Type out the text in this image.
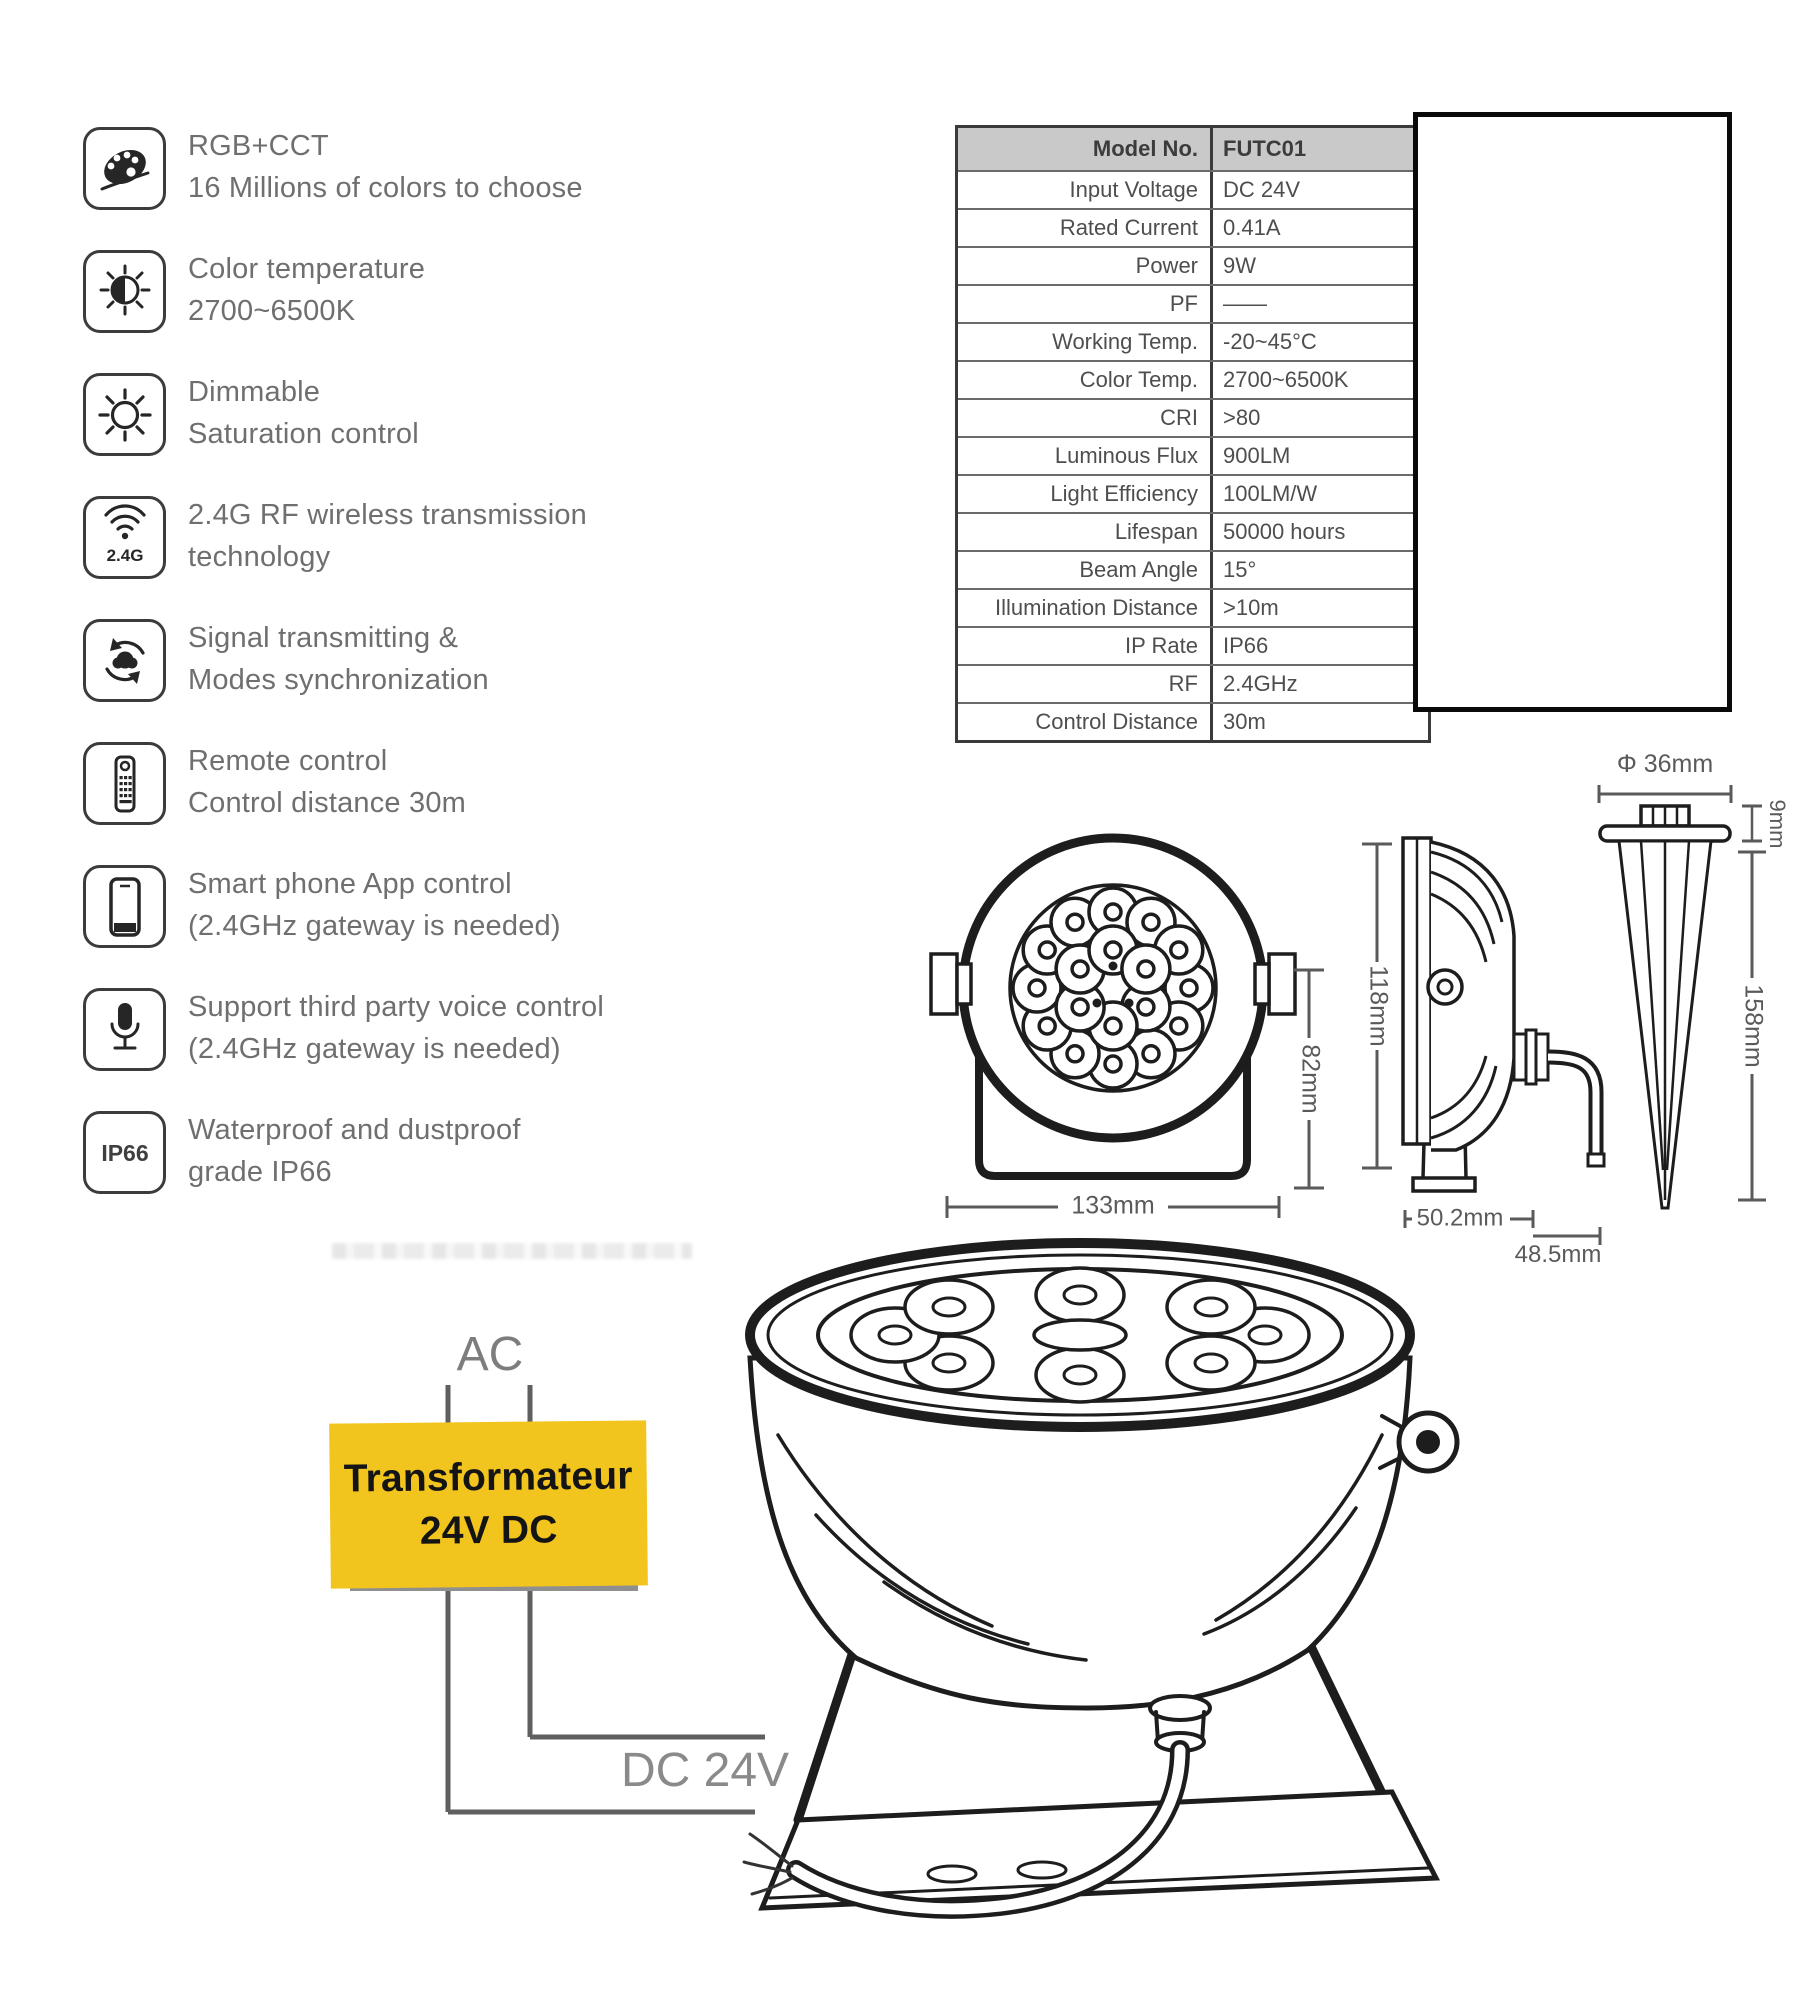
RGB+CCT
16 Millions of colors to choose
Color temperature
2700~6500K
Dimmable
Saturation control
2.4G
2.4G RF wireless transmission
technology
Signal transmitting &
Modes synchronization
Remote control
Control distance 30m
Smart phone App control
(2.4GHz gateway is needed)
Support third party voice control
(2.4GHz gateway is needed)
IP66
Waterproof and dustproof
grade IP66
Model No.	FUTC01
Input Voltage	DC 24V
Rated Current	0.41A
Power	9W
PF	——
Working Temp.	-20~45°C
Color Temp.	2700~6500K
CRI	>80
Luminous Flux	900LM
Light Efficiency	100LM/W
Lifespan	50000 hours
Beam Angle	15°
Illumination Distance	>10m
IP Rate	IP66
RF	2.4GHz
Control Distance	30m
133mm
82mm
118mm
50.2mm
48.5mm
Φ 36mm
9mm
158mm
Transformateur
24V DC
AC
DC 24V
